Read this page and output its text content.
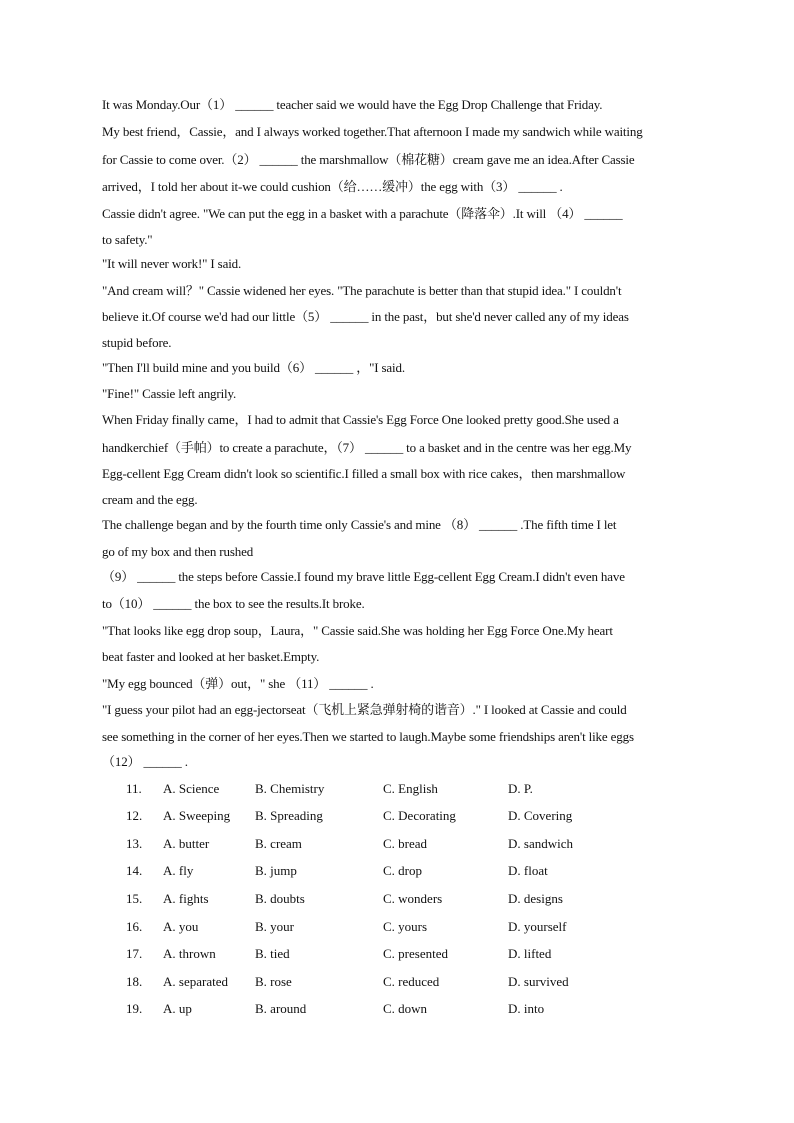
It was Monday.Our（1） ______ teacher said we would have the Egg Drop Challenge that Friday.
My best friend，Cassie，and I always worked together.That afternoon I made my sandwich while waiting
for Cassie to come over.（2） ______ the marshmallow（棉花糖）cream gave me an idea.After Cassie
arrived，I told her about it-we could cushion（给……缓冲）the egg with（3） ______ .
Cassie didn't agree. "We can put the egg in a basket with a parachute（降落伞）.It will （4） ______
to safety."
"It will never work!" I said.
"And cream will？" Cassie widened her eyes. "The parachute is better than that stupid idea." I couldn't
believe it.Of course we'd had our little（5） ______ in the past，but she'd never called any of my ideas
stupid before.
"Then I'll build mine and you build（6） ______ ，"I said.
"Fine!" Cassie left angrily.
When Friday finally came，I had to admit that Cassie's Egg Force One looked pretty good.She used a
handkerchief（手帕）to create a parachute，（7） ______ to a basket and in the centre was her egg.My
Egg-cellent Egg Cream didn't look so scientific.I filled a small box with rice cakes，then marshmallow
cream and the egg.
The challenge began and by the fourth time only Cassie's and mine （8） ______ .The fifth time I let
go of my box and then rushed
（9） ______ the steps before Cassie.I found my brave little Egg-cellent Egg Cream.I didn't even have
to（10） ______ the box to see the results.It broke.
"That looks like egg drop soup，Laura，" Cassie said.She was holding her Egg Force One.My heart
beat faster and looked at her basket.Empty.
"My egg bounced（弹）out，" she （11） ______ .
"I guess your pilot had an egg-jectorseat（飞机上紧急弹射椅的谐音）." I looked at Cassie and could
see something in the corner of her eyes.Then we started to laugh.Maybe some friendships aren't like eggs
（12） ______ .
11. A. Science	B. Chemistry	C. English	D. P.
12. A. Sweeping B. Spreading	C. Decorating	D. Covering
13. A. butter	B. cream	C. bread	D. sandwich
14. A. fly	B. jump	C. drop	D. float
15. A. fights	B. doubts	C. wonders	D. designs
16. A. you	B. your	C. yours	D. yourself
17. A. thrown	B. tied	C. presented	D. lifted
18. A. separated B. rose	C. reduced	D. survived
19. A. up	B. around	C. down	D. into
